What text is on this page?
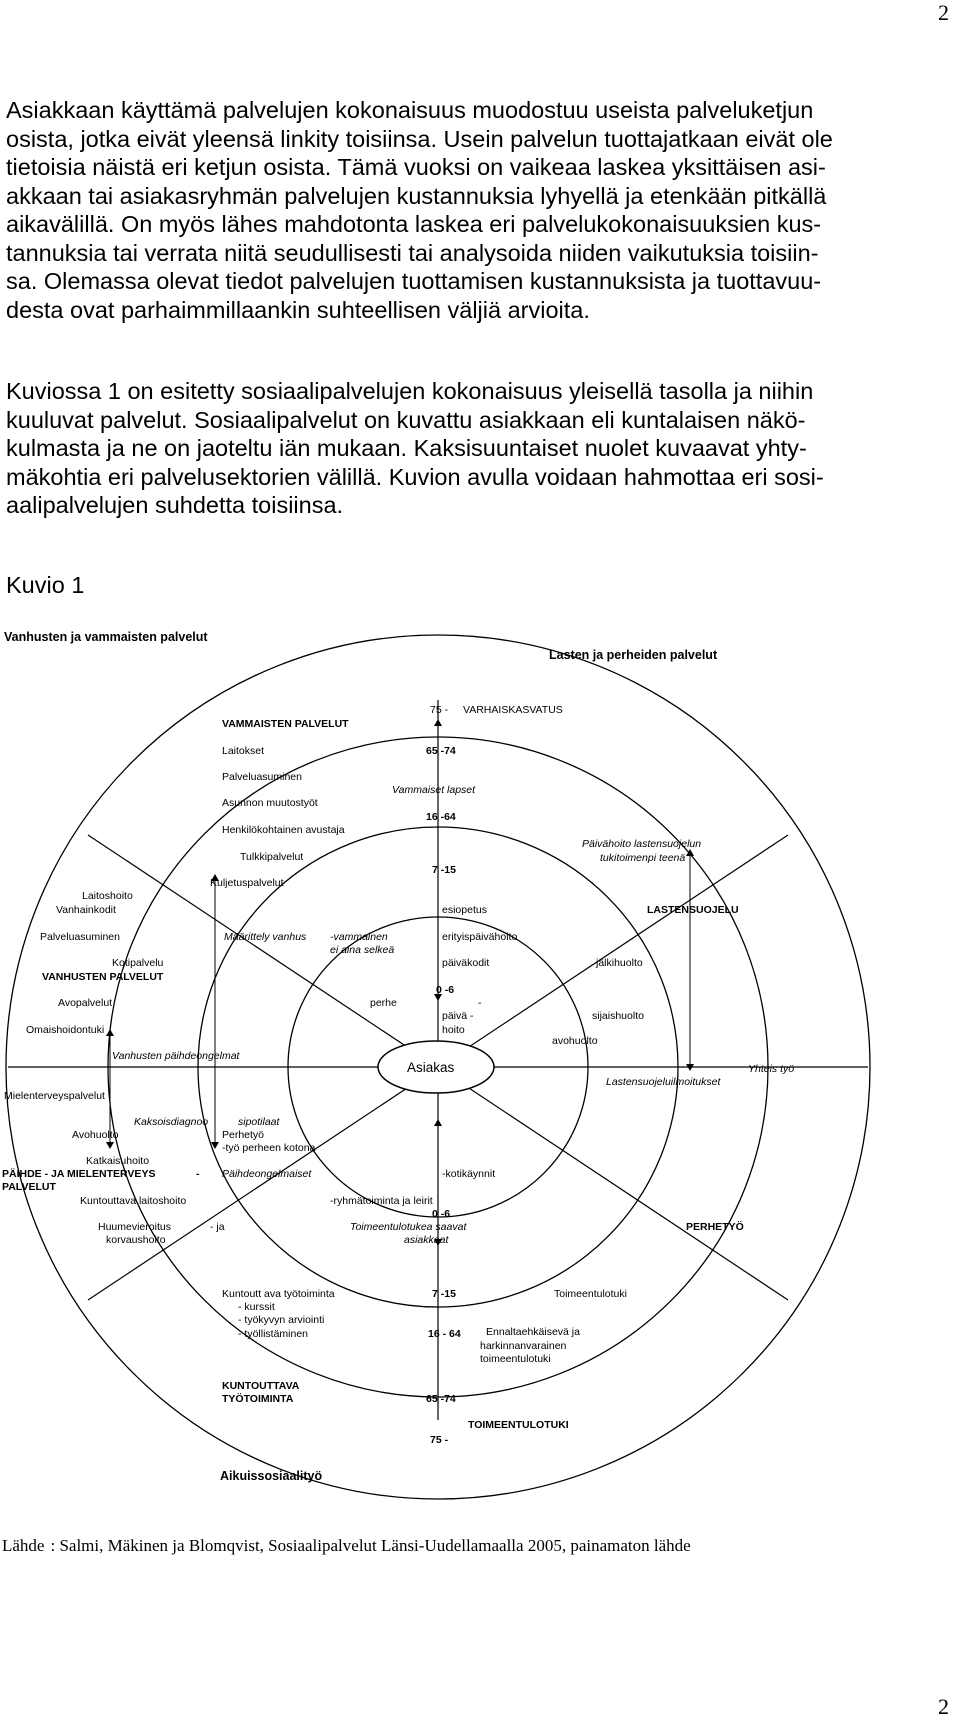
2
Asiakkaan käyttämä palvelujen kokonaisuus muodostuu useista palveluketjun
osista, jotka eivät yleensä linkity toisiinsa. Usein palvelun tuottajatkaan eivät ole
tietoisia näistä eri ketjun osista. Tämä vuoksi on vaikeaa laskea yksittäisen asi-
akkaan tai asiakasryhmän palvelujen kustannuksia lyhyellä ja etenkään pitkällä
aikavälillä. On myös lähes mahdotonta laskea eri palvelukokonaisuuksien kus-
tannuksia tai verrata niitä seudullisesti tai analysoida niiden vaikutuksia toisiin-
sa. Olemassa olevat tiedot palvelujen tuottamisen kustannuksista ja tuottavuu-
desta ovat parhaimmillaankin suhteellisen väljiä arvioita.
Kuviossa 1 on esitetty sosiaalipalvelujen kokonaisuus yleisellä tasolla ja niihin
kuuluvat palvelut. Sosiaalipalvelut on kuvattu asiakkaan eli kuntalaisen näkö-
kulmasta ja ne on jaoteltu iän mukaan. Kaksisuuntaiset nuolet kuvaavat yhty-
mäkohtia eri palvelusektorien välillä. Kuvion avulla voidaan hahmottaa eri sosi-
aalipalvelujen suhdetta toisiinsa.
Kuvio 1
Vanhusten ja vammaisten palvelut
Lasten ja perheiden palvelut
Aikuissosiaalityö
Asiakas
VAMMAISTEN PALVELUT
75 - VARHAISKASVATUS
Laitokset	65 -74
Palveluasuminen
Vammaiset lapset
Asunnon muutostyöt
16 -64
Henkilökohtainen avustaja
Päivähoito lastensuojelun
tukitoimenpi teenä
Tulkkipalvelut
7 -15
Kuljetuspalvelut
Laitoshoito
Vanhainkodit	esiopetus	LASTENSUOJELU
Palveluasuminen	Määrittely vanhus -vammainen
ei aina selkeä
erityispäivähoito
Kotipalvelu	päiväkodit	jälkihuolto
VANHUSTEN PALVELUT
0 -6
Avopalvelut	perhe	-
päivä -	sijaishuolto
Omaishoidontuki	hoito
avohuolto
Vanhusten päihdeongelmat
Yhteis työ
Lastensuojeluilmoitukset
Mielenterveyspalvelut
Kaksoisdiagnoo	sipotilaat
Avohuolto	Perhetyö
-työ perheen kotona
Katkaisuhoito
PÄIHDE - JA MIELENTERVEYS	- Päihdeongelmaiset	-kotikäynnit
PALVELUT
Kuntouttava laitoshoito	-ryhmätoiminta ja leirit
0 -6
Huumevieroitus	- ja	Toimeentulotukea saavat	PERHETYÖ
korvaushoito	asiakkaat
Kuntoutt ava työtoiminta	7 -15	Toimeentulotuki
- kurssit
- työkyvyn arviointi
- työllistäminen	16 - 64 Ennaltaehkäisevä ja
harkinnanvarainen
toimeentulotuki
KUNTOUTTAVA
TYÖTOIMINTA	65 -74
TOIMEENTULOTUKI
75 -
Lähde : Salmi, Mäkinen ja Blomqvist, Sosiaalipalvelut Länsi-Uudellamaalla 2005, painamaton lähde
2
